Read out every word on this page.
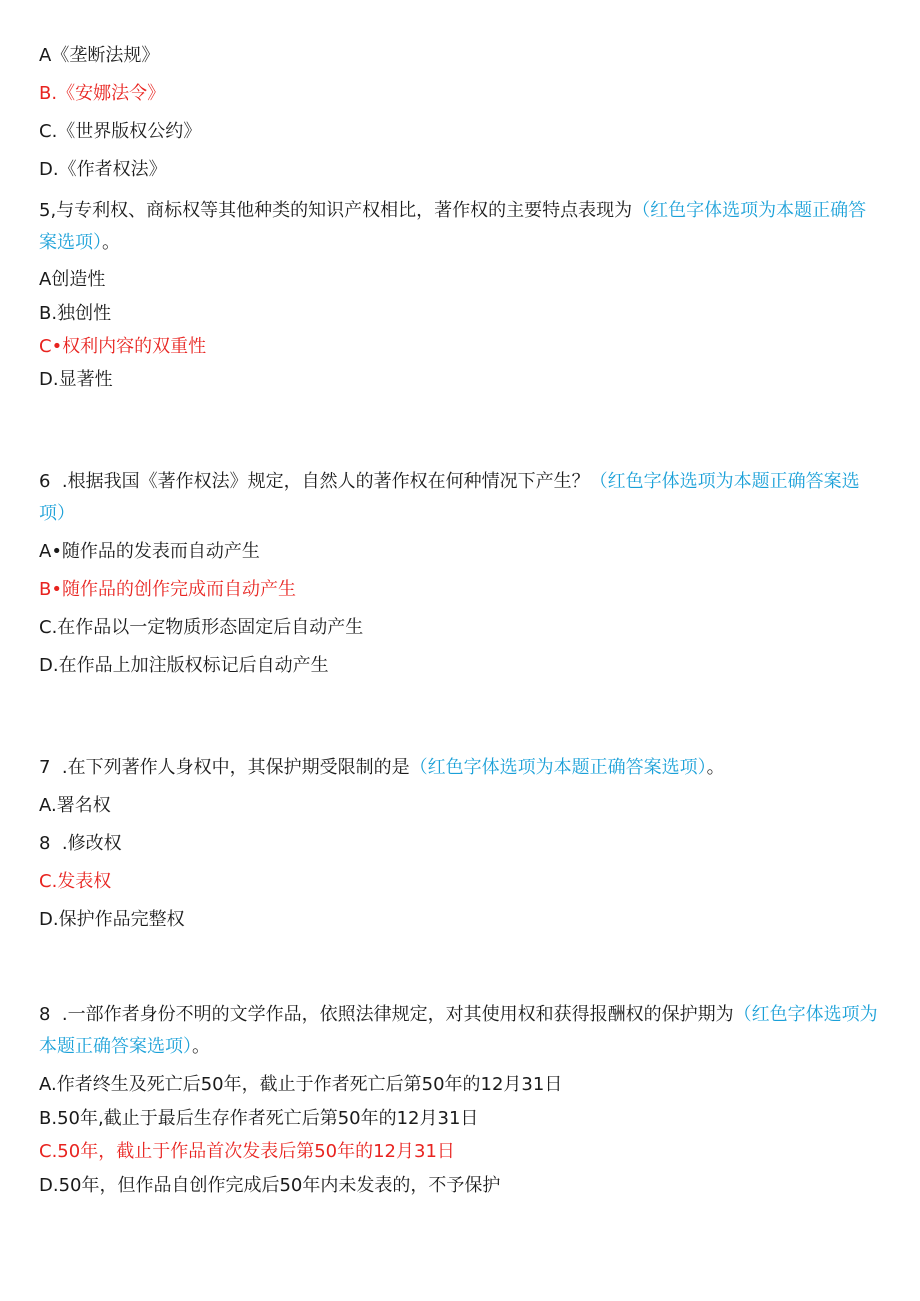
A《垄断法规》
B.《安娜法令》
C.《世界版权公约》
D.《作者权法》
5,与专利权、商标权等其他种类的知识产权相比，著作权的主要特点表现为（红色字体选项为本题正确答案选项）。
A创造性
B.独创性
C•权利内容的双重性
D.显著性
6  .根据我国《著作权法》规定，自然人的著作权在何种情况下产生？（红色字体选项为本题正确答案选项）
A•随作品的发表而自动产生
B•随作品的创作完成而自动产生
C.在作品以一定物质形态固定后自动产生
D.在作品上加注版权标记后自动产生
7  .在下列著作人身权中，其保护期受限制的是（红色字体选项为本题正确答案选项）。
A.署名权
8  .修改权
C.发表权
D.保护作品完整权
8  .一部作者身份不明的文学作品，依照法律规定，对其使用权和获得报酬权的保护期为（红色字体选项为本题正确答案选项）。
A.作者终生及死亡后50年，截止于作者死亡后第50年的12月31日
B.50年,截止于最后生存作者死亡后第50年的12月31日
C.50年，截止于作品首次发表后第50年的12月31日
D.50年，但作品自创作完成后50年内未发表的，不予保护
